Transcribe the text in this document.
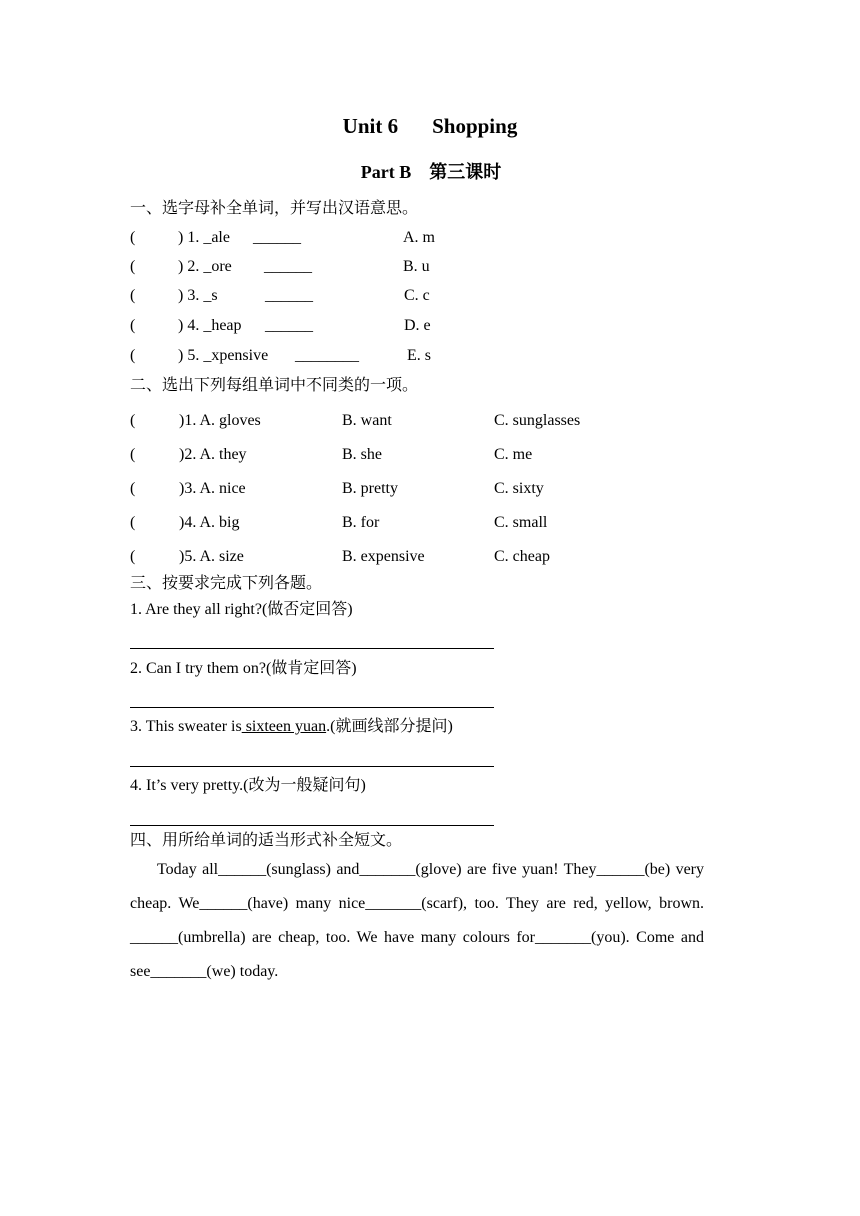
Unit 6 Shopping
Part B 第三课时
一、选字母补全单词，并写出汉语意思。
(	) 1. _ale ______	A. m
(	) 2. _ore ______	B. u
(	) 3. _s	______	C. c
(	) 4. _heap ______	D. e
(	) 5. _xpensive ________	E. s
二、选出下列每组单词中不同类的一项。
(	)1. A. gloves	B. want	C. sunglasses
(	)2. A. they	B. she	C. me
(	)3. A. nice	B. pretty	C. sixty
(	)4. A. big	B. for	C. small
(	)5. A. size	B. expensive	C. cheap
三、按要求完成下列各题。
1. Are they all right?(做否定回答)
2. Can I try them on?(做肯定回答)
3. This sweater is sixteen yuan.(就画线部分提问)
4. It’s very pretty.(改为一般疑问句)
四、用所给单词的适当形式补全短文。

Today all______(sunglass) and_______(glove) are five yuan! They______(be) very cheap. We______(have) many nice_______(scarf), too. They are red, yellow, brown. ______(umbrella) are cheap, too. We have many colours for_______(you). Come and see_______(we) today.
